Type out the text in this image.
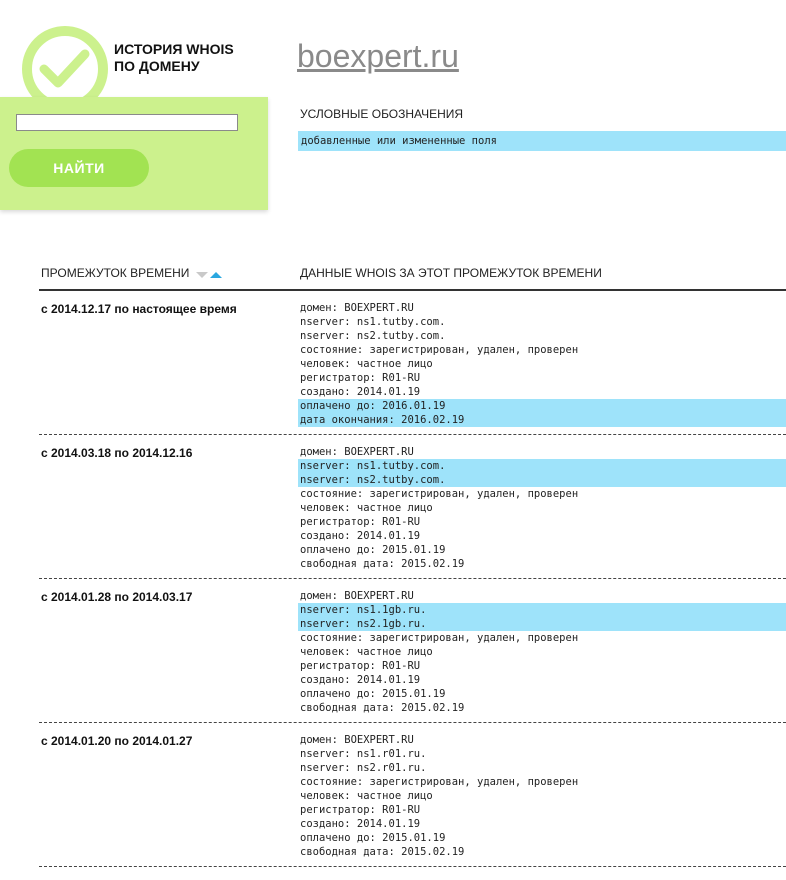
ИСТОРИЯ WHOIS
ПО ДОМЕНУ
НАЙТИ
boexpert.ru
УСЛОВНЫЕ ОБОЗНАЧЕНИЯ
добавленные или измененные поля
ПРОМЕЖУТОК ВРЕМЕНИ	ДАННЫЕ WHOIS ЗА ЭТОТ ПРОМЕЖУТОК ВРЕМЕНИ
с 2014.12.17 по настоящее время	домен: BOEXPERT.RU
nserver: ns1.tutby.com.
nserver: ns2.tutby.com.
состояние: зарегистрирован, удален, проверен
человек: частное лицо
регистратор: R01-RU
создано: 2014.01.19
оплачено до: 2016.01.19
дата окончания: 2016.02.19
с 2014.03.18 по 2014.12.16	домен: BOEXPERT.RU
nserver: ns1.tutby.com.
nserver: ns2.tutby.com.
состояние: зарегистрирован, удален, проверен
человек: частное лицо
регистратор: R01-RU
создано: 2014.01.19
оплачено до: 2015.01.19
свободная дата: 2015.02.19
с 2014.01.28 по 2014.03.17	домен: BOEXPERT.RU
nserver: ns1.1gb.ru.
nserver: ns2.1gb.ru.
состояние: зарегистрирован, удален, проверен
человек: частное лицо
регистратор: R01-RU
создано: 2014.01.19
оплачено до: 2015.01.19
свободная дата: 2015.02.19
с 2014.01.20 по 2014.01.27	домен: BOEXPERT.RU
nserver: ns1.r01.ru.
nserver: ns2.r01.ru.
состояние: зарегистрирован, удален, проверен
человек: частное лицо
регистратор: R01-RU
создано: 2014.01.19
оплачено до: 2015.01.19
свободная дата: 2015.02.19
